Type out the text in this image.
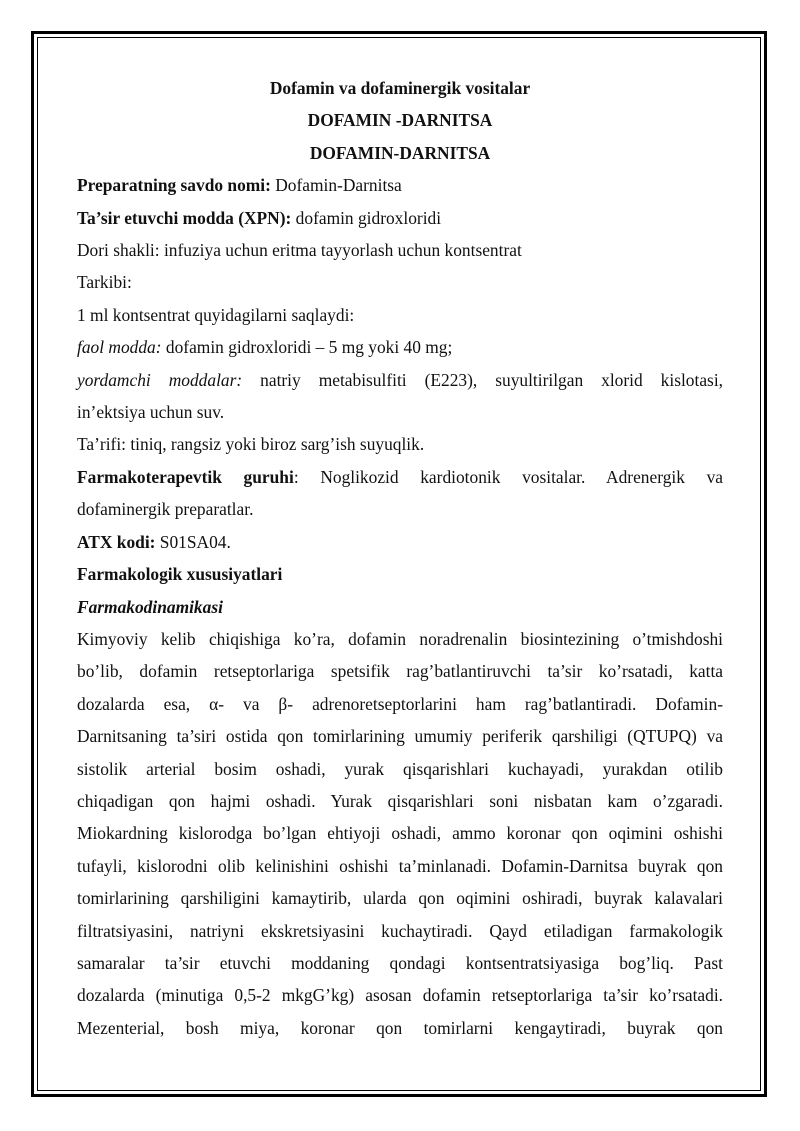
Dofamin va dofaminergik vositalar

DOFAMIN -DARNITSA

DOFAMIN-DARNITSA

Preparatning savdo nomi: Dofamin-Darnitsa

Ta’sir etuvchi modda (XPN): dofamin gidroxloridi

Dori shakli: infuziya uchun eritma tayyorlash uchun kontsentrat

Tarkibi:

1 ml kontsentrat quyidagilarni saqlaydi:

faol modda: dofamin gidroxloridi – 5 mg yoki 40 mg;

yordamchi moddalar: natriy metabisulfiti (E223), suyultirilgan xlorid kislotasi,

in’ektsiya uchun suv.

Ta’rifi: tiniq, rangsiz yoki biroz sarg’ish suyuqlik.

Farmakoterapevtik guruhi: Noglikozid kardiotonik vositalar. Adrenergik va

dofaminergik preparatlar.

ATX kodi: S01SA04.

Farmakologik xususiyatlari

Farmakodinamikasi

Kimyoviy kelib chiqishiga ko’ra, dofamin noradrenalin biosintezining o’tmishdoshi

bo’lib, dofamin retseptorlariga spetsifik rag’batlantiruvchi ta’sir ko’rsatadi, katta

dozalarda esa, α- va β- adrenoretseptorlarini ham rag’batlantiradi. Dofamin-

Darnitsaning ta’siri ostida qon tomirlarining umumiy periferik qarshiligi (QTUPQ) va

sistolik arterial bosim oshadi, yurak qisqarishlari kuchayadi, yurakdan otilib

chiqadigan qon hajmi oshadi. Yurak qisqarishlari soni nisbatan kam o’zgaradi.

Miokardning kislorodga bo’lgan ehtiyoji oshadi, ammo koronar qon oqimini oshishi

tufayli, kislorodni olib kelinishini oshishi ta’minlanadi. Dofamin-Darnitsa buyrak qon

tomirlarining qarshiligini kamaytirib, ularda qon oqimini oshiradi, buyrak kalavalari

filtratsiyasini, natriyni ekskretsiyasini kuchaytiradi. Qayd etiladigan farmakologik

samaralar ta’sir etuvchi moddaning qondagi kontsentratsiyasiga bog’liq. Past

dozalarda (minutiga 0,5-2 mkgG’kg) asosan dofamin retseptorlariga ta’sir ko’rsatadi.

Mezenterial, bosh miya, koronar qon tomirlarni kengaytiradi, buyrak qon
